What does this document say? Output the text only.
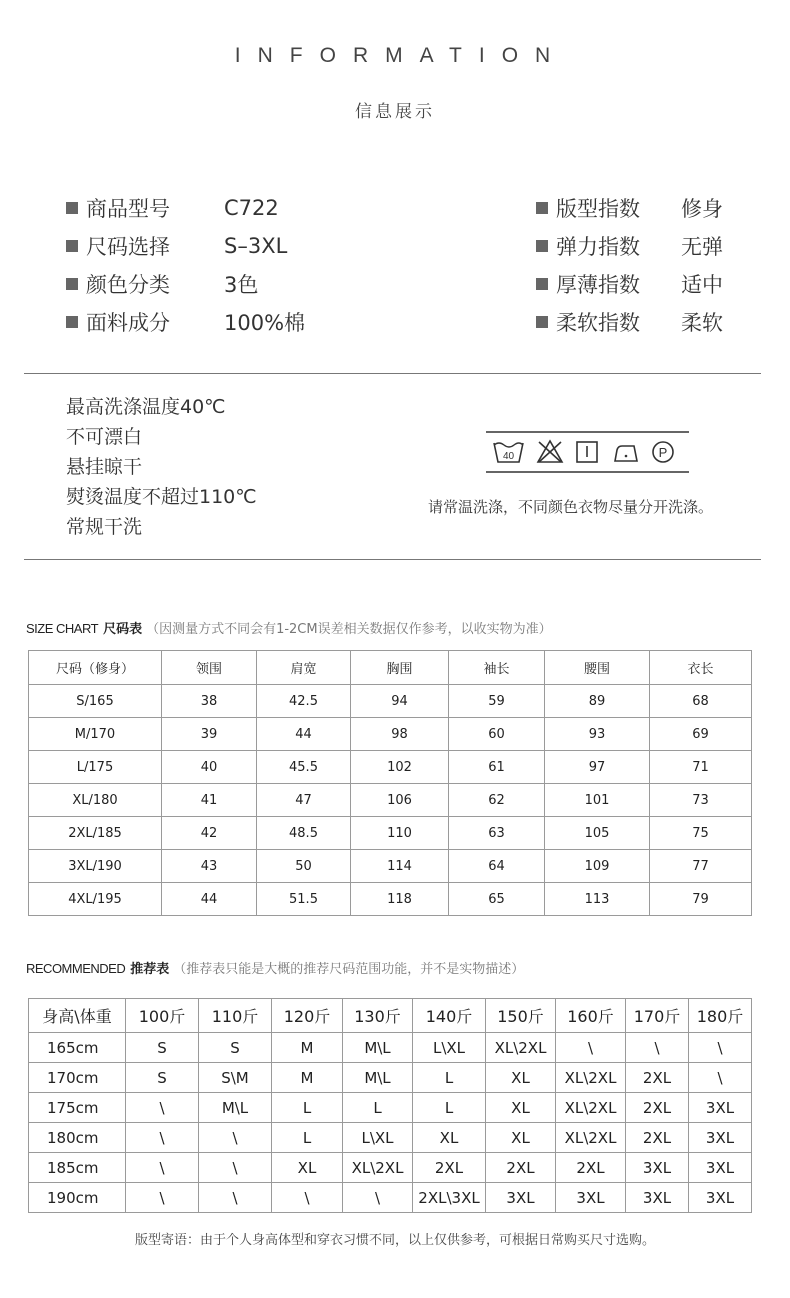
INFORMATION
信息展示
商品型号	C722
尺码选择	S–3XL
颜色分类	3色
面料成分	100%棉
版型指数	修身
弹力指数	无弹
厚薄指数	适中
柔软指数	柔软
最高洗涤温度40℃
不可漂白
悬挂晾干
熨烫温度不超过110℃
常规干洗
40	P
请常温洗涤，不同颜色衣物尽量分开洗涤。
SIZE CHART 尺码表 （因测量方式不同会有1-2CM误差相关数据仅作参考，以收实物为准）
尺码（修身）	领围	肩宽	胸围	袖长	腰围	衣长
S/165	38	42.5	94	59	89	68
M/170	39	44	98	60	93	69
L/175	40	45.5	102	61	97	71
XL/180	41	47	106	62	101	73
2XL/185	42	48.5	110	63	105	75
3XL/190	43	50	114	64	109	77
4XL/195	44	51.5	118	65	113	79
RECOMMENDED 推荐表 （推荐表只能是大概的推荐尺码范围功能，并不是实物描述）
身高\体重	100斤	110斤	120斤	130斤	140斤	150斤	160斤	170斤	180斤
165cm	S	S	M	M\L	L\XL	XL\2XL	\	\	\
170cm	S	S\M	M	M\L	L	XL	XL\2XL	2XL	\
175cm	\	M\L	L	L	L	XL	XL\2XL	2XL	3XL
180cm	\	\	L	L\XL	XL	XL	XL\2XL	2XL	3XL
185cm	\	\	XL	XL\2XL	2XL	2XL	2XL	3XL	3XL
190cm	\	\	\	\	2XL\3XL	3XL	3XL	3XL	3XL
版型寄语：由于个人身高体型和穿衣习惯不同，以上仅供参考，可根据日常购买尺寸选购。
